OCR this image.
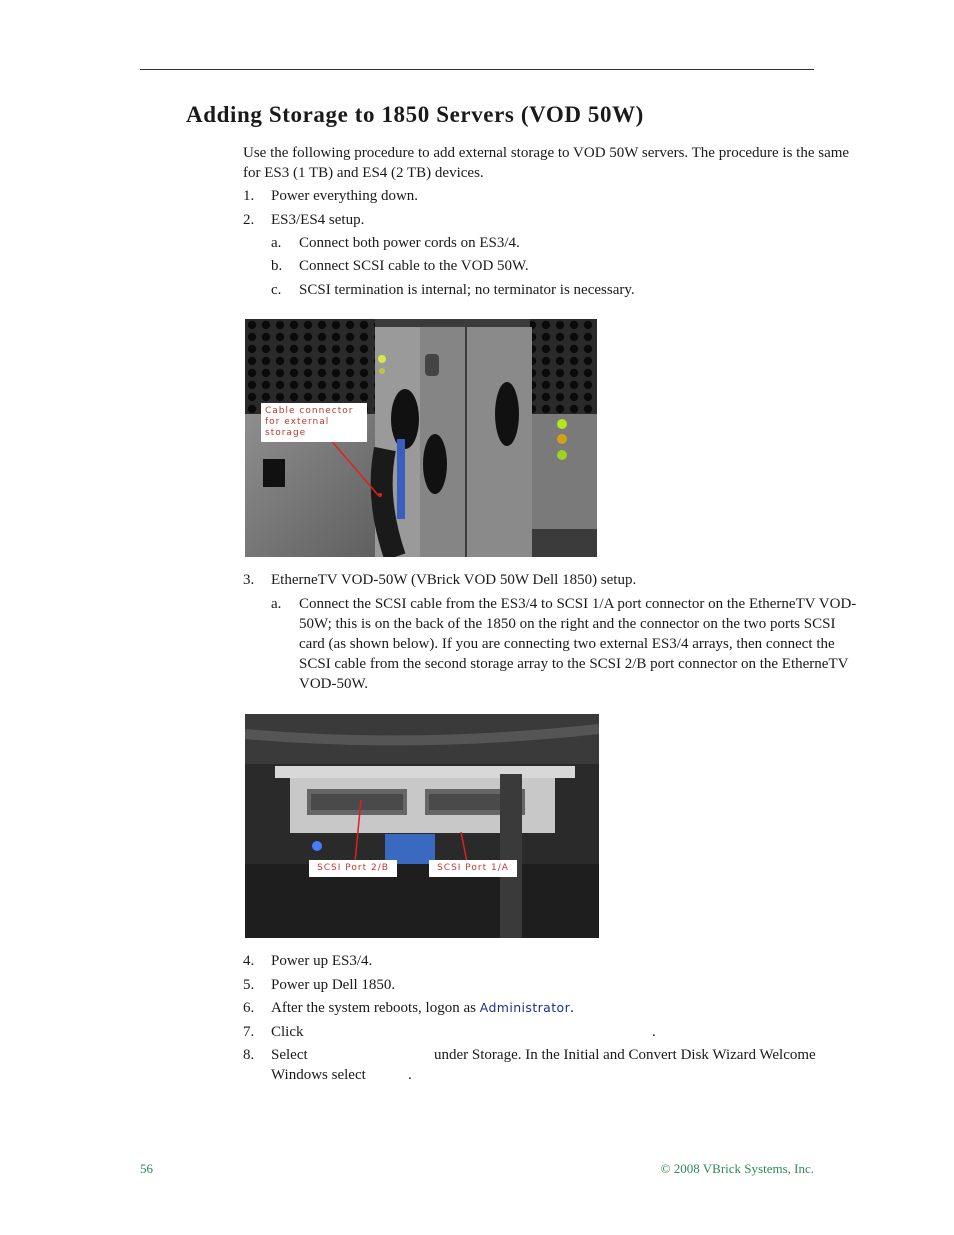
Adding Storage to 1850 Servers (VOD 50W)

Use the following procedure to add external storage to VOD 50W servers. The procedure is the same for ES3 (1 TB) and ES4 (2 TB) devices.

1. Power everything down.
2. ES3/ES4 setup.
a. Connect both power cords on ES3/4.
b. Connect SCSI cable to the VOD 50W.
c. SCSI termination is internal; no terminator is necessary.
Cable connector for external storage
3. EtherneTV VOD-50W (VBrick VOD 50W Dell 1850) setup.
a. Connect the SCSI cable from the ES3/4 to SCSI 1/A port connector on the EtherneTV VOD-50W; this is on the back of the 1850 on the right and the connector on the two ports SCSI card (as shown below). If you are connecting two external ES3/4 arrays, then connect the SCSI cable from the second storage array to the SCSI 2/B port connector on the EtherneTV VOD-50W.
SCSI Port 2/B	SCSI Port 1/A
4. Power up ES3/4.
5. Power up Dell 1850.
6. After the system reboots, logon as Administrator.
7. Click	.
8. Select	under Storage. In the Initial and Convert Disk Wizard Welcome
Windows select	.
56	© 2008 VBrick Systems, Inc.
